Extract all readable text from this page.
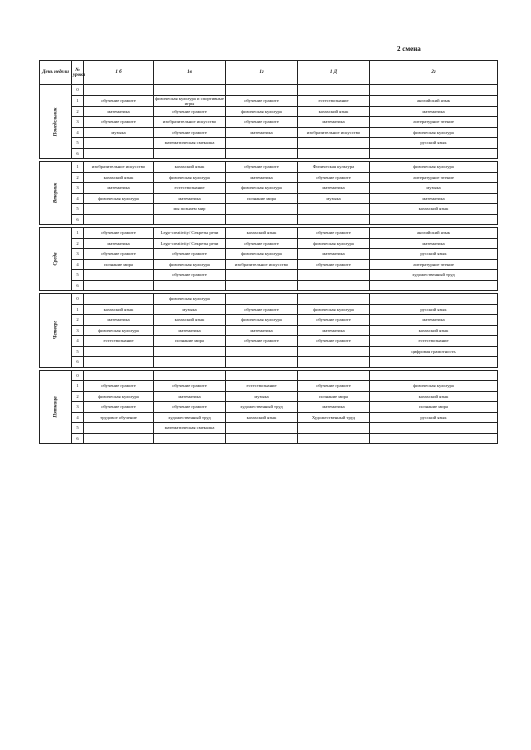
2 смена
День недели	№ урока	1 б	1в	1г	1 Д	2г

Понедельник	0					
	1	обучение грамоте	физическая культура и спортивные игры	обучение грамоте	естествознание	английский язык
	2	математика	обучение грамоте	физическая культура	казахский язык	математика
	3	обучение грамоте	изобразительное искусство	обучение грамоте	математика	литературное чтение
	4	музыка	обучение грамоте	математика	изобразительное искусство	физическая культура
	5		математическая смекалка			русский язык
	6					

Вторник	1	изобразительное искусство	казахский язык	обучение грамоте	Физическая культура	физическая культура
	2	казахский язык	физическая культура	математика	обучение грамоте	литературное чтение
	3	математика	естествознание	физическая культура	математика	музыка
	4	физическая культура	математика	познание мира	музыка	математика
	5		мы познаем мир			казахский язык
	6					

Среда	1	обучение грамоте	Lego-creativity/ Секреты речи	казахский язык	обучение грамоте	английский язык
	2	математика	Lego-creativity/ Секреты речи	обучение грамоте	физическая культура	математика
	3	обучение грамоте	обучение грамоте	физическая культура	математика	русский язык
	4	познание мира	физическая культура	изобразительное искусство	обучение грамоте	литературное чтение
	5		обучение грамоте			художественный труд
	6					

Четверг	0		физическая культура			
	1	казахский язык	музыка	обучение грамоте	физическая культура	русский язык
	2	математика	казахский язык	физическая культура	обучение грамоте	математика
	3	физическая культура	математика	математика	математика	казахский язык
	4	естествознание	познание мира	обучение грамоте	обучение грамоте	естествознание
	5					цифровая грамотность
	6					

Пятница	0					
	1	обучение грамоте	обучение грамоте	естествознание	обучение грамоте	физическая культура
	2	физическая культура	математика	музыка	познание мира	казахский язык
	3	обучение грамоте	обучение грамоте	художественный труд	математика	познание мира
	4	трудовое обучение	художественный труд	казахский язык	Художественный труд	русский язык
	5		математическая смекалка			
	6					
